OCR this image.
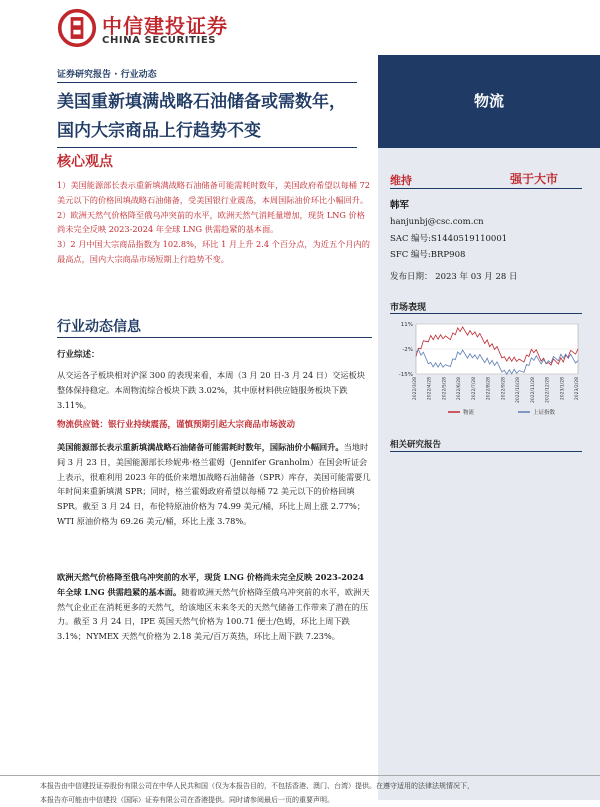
中信建投证券
CHINA SECURITIES
证券研究报告 · 行业动态
美国重新填满战略石油储备或需数年，
国内大宗商品上行趋势不变
物流
维持	强于大市
韩军
hanjunbj@csc.com.cn
SAC 编号:S1440519110001
SFC 编号:BRP908
发布日期： 2023 年 03 月 28 日
市场表现
11%
-2%
-15%
2022/3/28 2022/4/28 2022/5/28 2022/6/28 2022/7/28 2022/8/28 2022/9/28 2022/10/28 2022/11/28 2022/12/28 2023/1/28 2023/2/28
物流	上证指数
相关研究报告
核心观点

1）美国能源部长表示重新填满战略石油储备可能需耗时数年，美国政府希望以每桶 72 美元以下的价格回填战略石油储备，受美国银行业震荡，本周国际油价环比小幅回升。

2）欧洲天然气价格降至俄乌冲突前的水平，欧洲天然气消耗量增加，现货 LNG 价格尚未完全反映 2023-2024 年全球 LNG 供需趋紧的基本面。

3）2 月中国大宗商品指数为 102.8%，环比 1 月上升 2.4 个百分点，为近五个月内的最高点，国内大宗商品市场短期上行趋势不变。

行业动态信息
行业综述：

从交运各子板块相对沪深 300 的表现来看，本周（3 月 20 日-3 月 24 日）交运板块整体保持稳定。本周物流综合板块下跌 3.02%，其中原材料供应链服务板块下跌 3.11%。

物流供应链：银行业持续震荡，谨慎预期引起大宗商品市场波动

美国能源部长表示重新填满战略石油储备可能需耗时数年，国际油价小幅回升。当地时间 3 月 23 日，美国能源部长珍妮弗·格兰霍姆（Jennifer Granholm）在国会听证会上表示，很难利用 2023 年的低价来增加战略石油储备（SPR）库存，美国可能需要几年时间来重新填满 SPR；同时，格兰霍姆政府希望以每桶 72 美元以下的价格回填 SPR。截至 3 月 24 日，布伦特原油价格为 74.99 美元/桶，环比上周上涨 2.77%；WTI 原油价格为 69.26 美元/桶，环比上涨 3.78%。

欧洲天然气价格降至俄乌冲突前的水平，现货 LNG 价格尚未完全反映 2023-2024 年全球 LNG 供需趋紧的基本面。随着欧洲天然气价格降至俄乌冲突前的水平，欧洲天然气企业正在消耗更多的天然气，给该地区未来冬天的天然气储备工作带来了潜在的压力。截至 3 月 24 日，IPE 英国天然气价格为 100.71 便士/色姆，环比上周下跌 3.1%；NYMEX 天然气价格为 2.18 美元/百万英热，环比上周下跌 7.23%。

本报告由中信建投证券股份有限公司在中华人民共和国（仅为本报告目的，不包括香港、澳门、台湾）提供。在遵守适用的法律法规情况下，
本报告亦可能由中信建投（国际）证券有限公司在香港提供。同时请参阅最后一页的重要声明。
